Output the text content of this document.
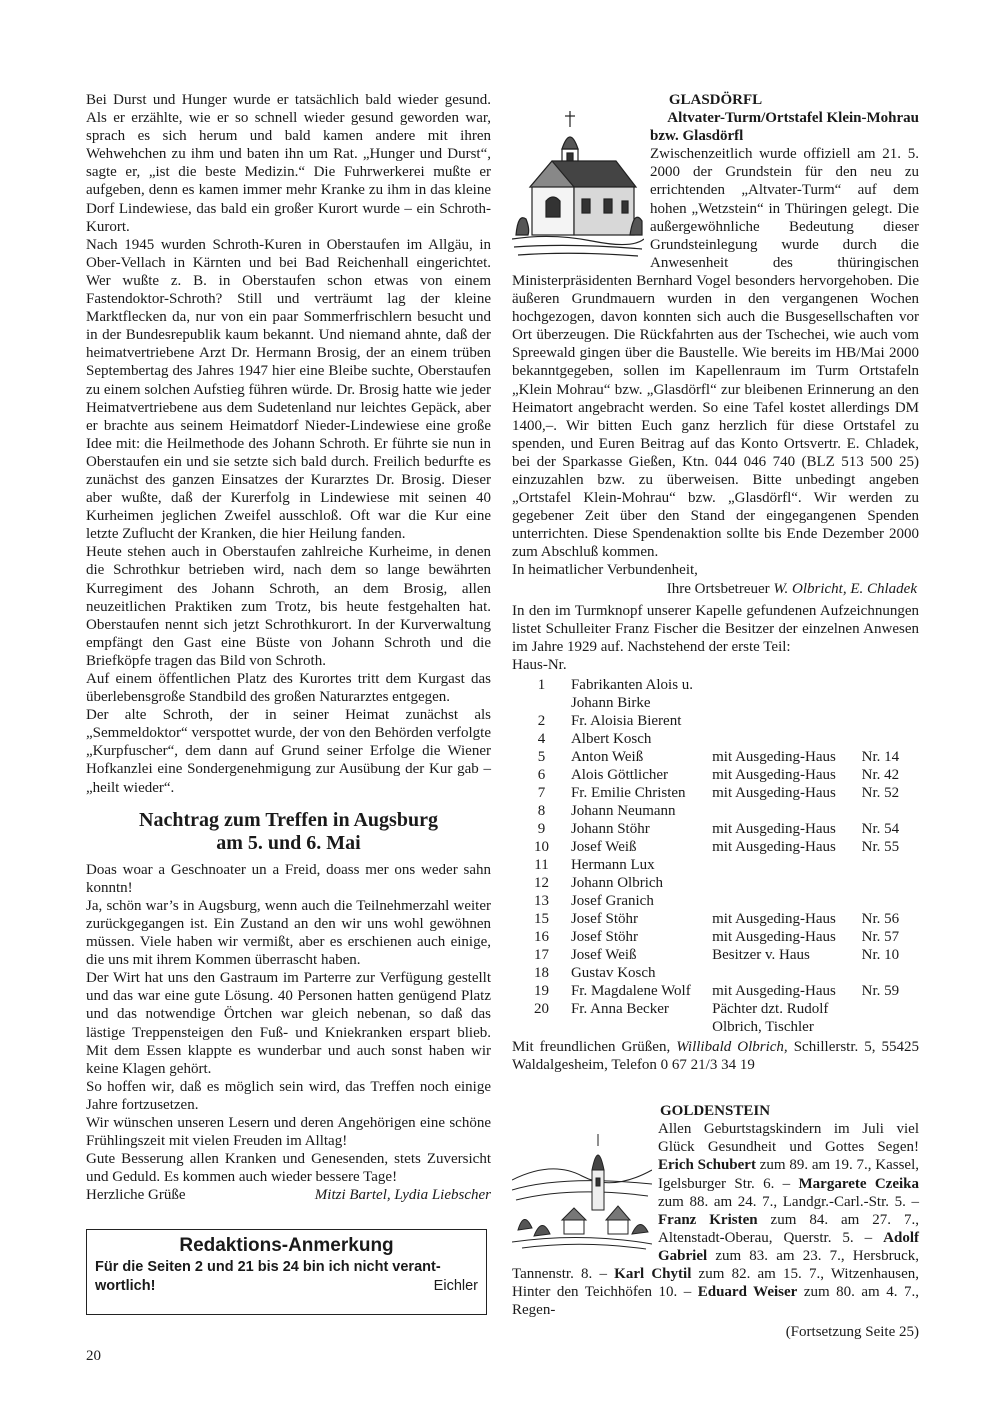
Bei Durst und Hunger wurde er tatsächlich bald wieder gesund. Als er erzählte, wie er so schnell wieder gesund geworden war, sprach es sich herum und bald kamen andere mit ihren Wehwehchen zu ihm und baten ihn um Rat. „Hunger und Durst“, sagte er, „ist die beste Medizin.“ Die Fuhrwerkerei mußte er aufgeben, denn es kamen immer mehr Kranke zu ihm in das kleine Dorf Lindewiese, das bald ein großer Kurort wurde – ein Schroth-Kurort.

Nach 1945 wurden Schroth-Kuren in Oberstaufen im Allgäu, in Ober-Vellach in Kärnten und bei Bad Reichenhall eingerichtet. Wer wußte z. B. in Oberstaufen schon etwas von einem Fastendoktor-Schroth? Still und verträumt lag der kleine Marktflecken da, nur von ein paar Sommerfrischlern besucht und in der Bundesrepublik kaum bekannt. Und niemand ahnte, daß der heimatvertriebene Arzt Dr. Hermann Brosig, der an einem trüben Septembertag des Jahres 1947 hier eine Bleibe suchte, Oberstaufen zu einem solchen Aufstieg führen würde. Dr. Brosig hatte wie jeder Heimatvertriebene aus dem Sudetenland nur leichtes Gepäck, aber er brachte aus seinem Heimatdorf Nieder-Lindewiese eine große Idee mit: die Heilmethode des Johann Schroth. Er führte sie nun in Oberstaufen ein und sie setzte sich bald durch. Freilich bedurfte es zunächst des ganzen Einsatzes der Kurarztes Dr. Brosig. Dieser aber wußte, daß der Kurerfolg in Lindewiese mit seinen 40 Kurheimen jeglichen Zweifel ausschloß. Oft war die Kur eine letzte Zuflucht der Kranken, die hier Heilung fanden.

Heute stehen auch in Oberstaufen zahlreiche Kurheime, in denen die Schrothkur betrieben wird, nach dem so lange bewährten Kurregiment des Johann Schroth, an dem Brosig, allen neuzeitlichen Praktiken zum Trotz, bis heute festgehalten hat. Oberstaufen nennt sich jetzt Schrothkurort. In der Kurverwaltung empfängt den Gast eine Büste von Johann Schroth und die Briefköpfe tragen das Bild von Schroth.

Auf einem öffentlichen Platz des Kurortes tritt dem Kurgast das überlebensgroße Standbild des großen Naturarztes entgegen.

Der alte Schroth, der in seiner Heimat zunächst als „Semmeldoktor“ verspottet wurde, der von den Behörden verfolgte „Kurpfuscher“, dem dann auf Grund seiner Erfolge die Wiener Hofkanzlei eine Sondergenehmigung zur Ausübung der Kur gab – „heilt wieder“.

Nachtrag zum Treffen in Augsburg
am 5. und 6. Mai

Doas woar a Geschnoater un a Freid, doass mer ons weder sahn konntn!

Ja, schön war’s in Augsburg, wenn auch die Teilnehmerzahl weiter zurückgegangen ist. Ein Zustand an den wir uns wohl gewöhnen müssen. Viele haben wir vermißt, aber es erschienen auch einige, die uns mit ihrem Kommen überrascht haben.

Der Wirt hat uns den Gastraum im Parterre zur Verfügung gestellt und das war eine gute Lösung. 40 Personen hatten genügend Platz und das notwendige Örtchen war gleich nebenan, so daß das lästige Treppensteigen den Fuß- und Kniekranken erspart blieb. Mit dem Essen klappte es wunderbar und auch sonst haben wir keine Klagen gehört.

So hoffen wir, daß es möglich sein wird, das Treffen noch einige Jahre fortzusetzen.

Wir wünschen unseren Lesern und deren Angehörigen eine schöne Frühlingszeit mit vielen Freuden im Alltag!

Gute Besserung allen Kranken und Genesenden, stets Zuversicht und Geduld. Es kommen auch wieder bessere Tage!

Herzliche Grüße	Mitzi Bartel, Lydia Liebscher
Redaktions-Anmerkung
Für die Seiten 2 und 21 bis 24 bin ich nicht verant-
wortlich!	Eichler
20
GLASDÖRFL
Altvater-Turm/Ortstafel Klein-Mohrau
bzw. Glasdörfl

Zwischenzeitlich wurde offiziell am 21. 5. 2000 der Grundstein für den neu zu errichtenden „Altvater-Turm“ auf dem hohen „Wetzstein“ in Thüringen gelegt. Die außergewöhnliche Bedeutung dieser Grundsteinlegung wurde durch die Anwesenheit des thüringischen Ministerpräsidenten Bernhard Vogel besonders hervorgehoben. Die äußeren Grundmauern wurden in den vergangenen Wochen hochgezogen, davon konnten sich auch die Busgesellschaften vor Ort überzeugen. Die Rückfahrten aus der Tschechei, wie auch vom Spreewald gingen über die Baustelle. Wie bereits im HB/Mai 2000 bekanntgegeben, sollen im Kapellenraum im Turm Ortstafeln „Klein Mohrau“ bzw. „Glasdörfl“ zur bleibenen Erinnerung an den Heimatort angebracht werden. So eine Tafel kostet allerdings DM 1400,–. Wir bitten Euch ganz herzlich für diese Ortstafel zu spenden, und Euren Beitrag auf das Konto Ortsvertr. E. Chladek, bei der Sparkasse Gießen, Ktn. 044 046 740 (BLZ 513 500 25) einzuzahlen bzw. zu überweisen. Bitte unbedingt angeben „Ortstafel Klein-Mohrau“ bzw. „Glasdörfl“. Wir werden zu gegebener Zeit über den Stand der eingegangenen Spenden unterrichten. Diese Spendenaktion sollte bis Ende Dezember 2000 zum Abschluß kommen.

In heimatlicher Verbundenheit,

Ihre Ortsbetreuer W. Olbricht, E. Chladek

In den im Turmknopf unserer Kapelle gefundenen Aufzeichnungen listet Schulleiter Franz Fischer die Besitzer der einzelnen Anwesen im Jahre 1929 auf. Nachstehend der erste Teil:

Haus-Nr.

1	Fabrikanten Alois u. Johann Birke		
2	Fr. Aloisia Bierent		
4	Albert Kosch		
5	Anton Weiß	mit Ausgeding-Haus	Nr. 14
6	Alois Göttlicher	mit Ausgeding-Haus	Nr. 42
7	Fr. Emilie Christen	mit Ausgeding-Haus	Nr. 52
8	Johann Neumann		
9	Johann Stöhr	mit Ausgeding-Haus	Nr. 54
10	Josef Weiß	mit Ausgeding-Haus	Nr. 55
11	Hermann Lux		
12	Johann Olbrich		
13	Josef Granich		
15	Josef Stöhr	mit Ausgeding-Haus	Nr. 56
16	Josef Stöhr	mit Ausgeding-Haus	Nr. 57
17	Josef Weiß	Besitzer v. Haus	Nr. 10
18	Gustav Kosch		
19	Fr. Magdalene Wolf	mit Ausgeding-Haus	Nr. 59
20	Fr. Anna Becker	Pächter dzt. Rudolf Olbrich, Tischler	

Mit freundlichen Grüßen, Willibald Olbrich, Schillerstr. 5, 55425 Waldalgesheim, Telefon 0 67 21/3 34 19

GOLDENSTEIN

Allen Geburtstagskindern im Juli viel Glück Gesundheit und Gottes Segen! Erich Schubert zum 89. am 19. 7., Kassel, Igelsburger Str. 6. – Margarete Czeika zum 88. am 24. 7., Landgr.-Carl.-Str. 5. – Franz Kristen zum 84. am 27. 7., Altenstadt-Oberau, Querstr. 5. – Adolf Gabriel zum 83. am 23. 7., Hersbruck, Tannenstr. 8. – Karl Chytil zum 82. am 15. 7., Witzenhausen, Hinter den Teichhöfen 10. – Eduard Weiser zum 80. am 4. 7., Regen-

(Fortsetzung Seite 25)
